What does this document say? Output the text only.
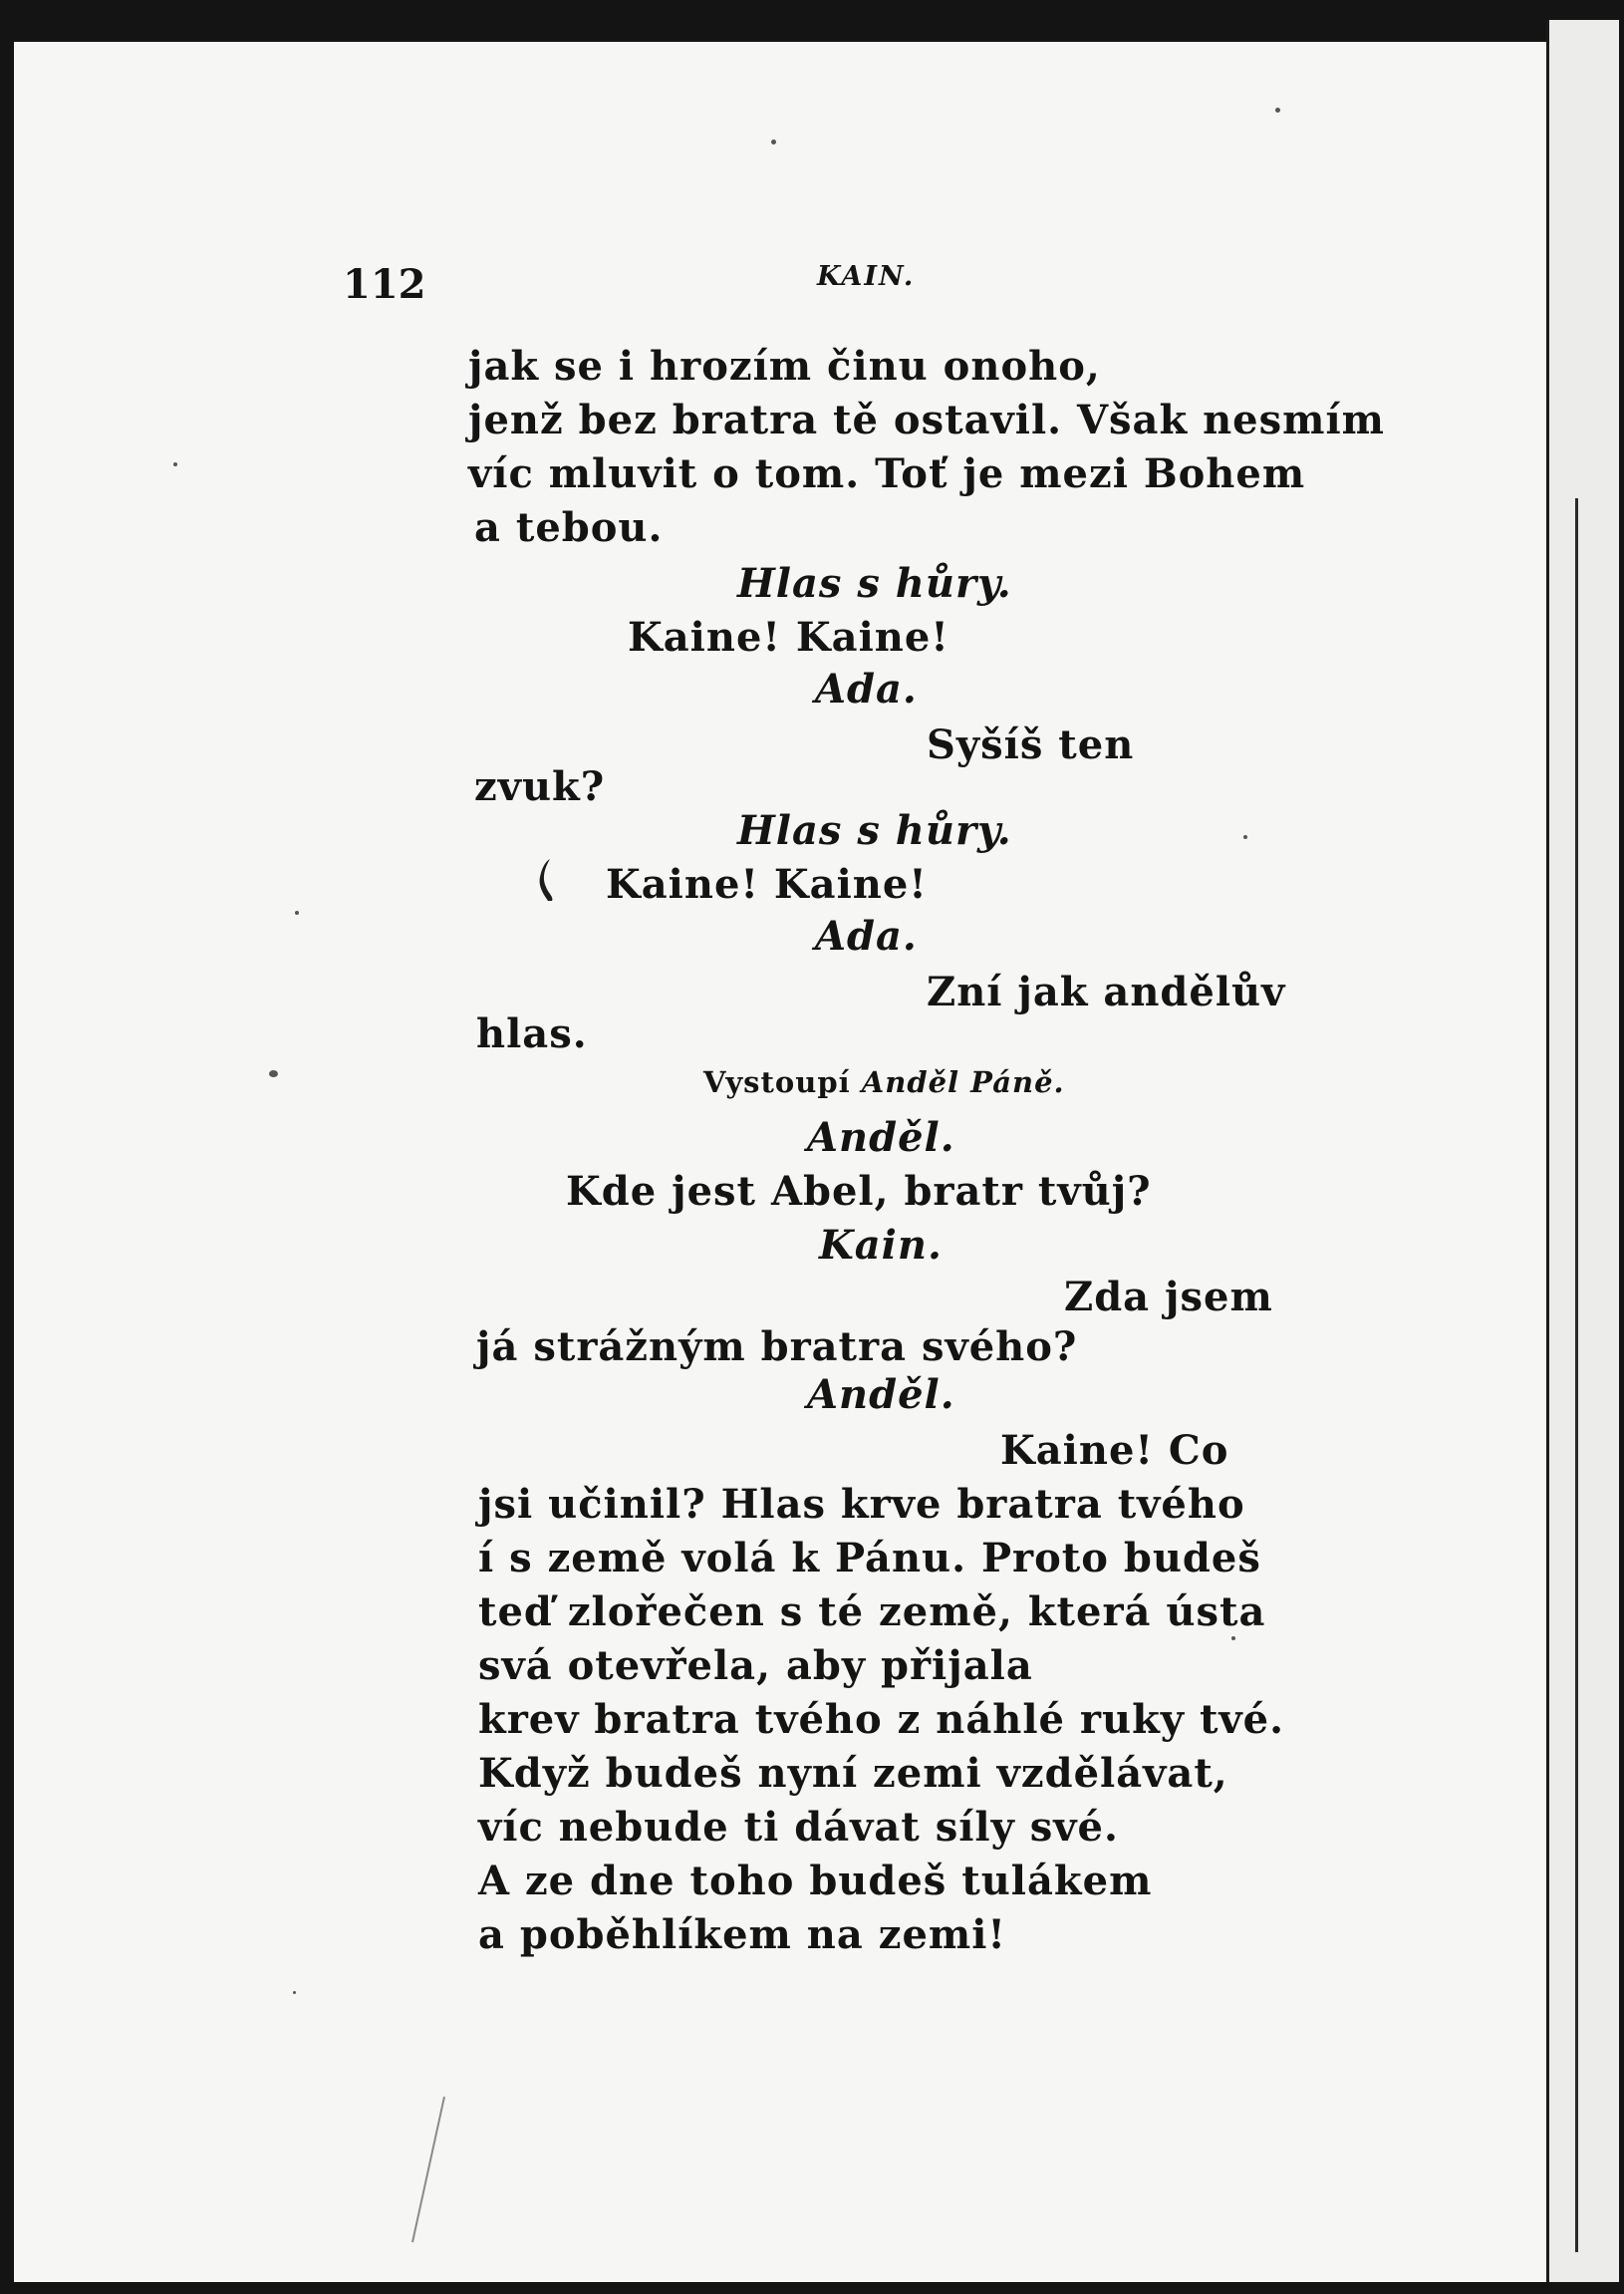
112	KAIN.
jak se i hrozím činu onoho,
jenž bez bratra tě ostavil. Však nesmím
víc mluvit o tom. Toť je mezi Bohem
a tebou.
Hlas s hůry.
Kaine! Kaine!
Ada.
Syšíš ten
zvuk?
Hlas s hůry.
Kaine! Kaine!
Ada.
Zní jak andělův
hlas.
Vystoupí Anděl Páně.
Anděl.
Kde jest Abel, bratr tvůj?
Kain.
Zda jsem
já strážným bratra svého?
Anděl.
Kaine! Co
jsi učinil? Hlas krve bratra tvého
í s země volá k Pánu. Proto budeš
teď zlořečen s té země, která ústa
svá otevřela, aby přijala
krev bratra tvého z náhlé ruky tvé.
Když budeš nyní zemi vzdělávat,
víc nebude ti dávat síly své.
A ze dne toho budeš tulákem
a poběhlíkem na zemi!
